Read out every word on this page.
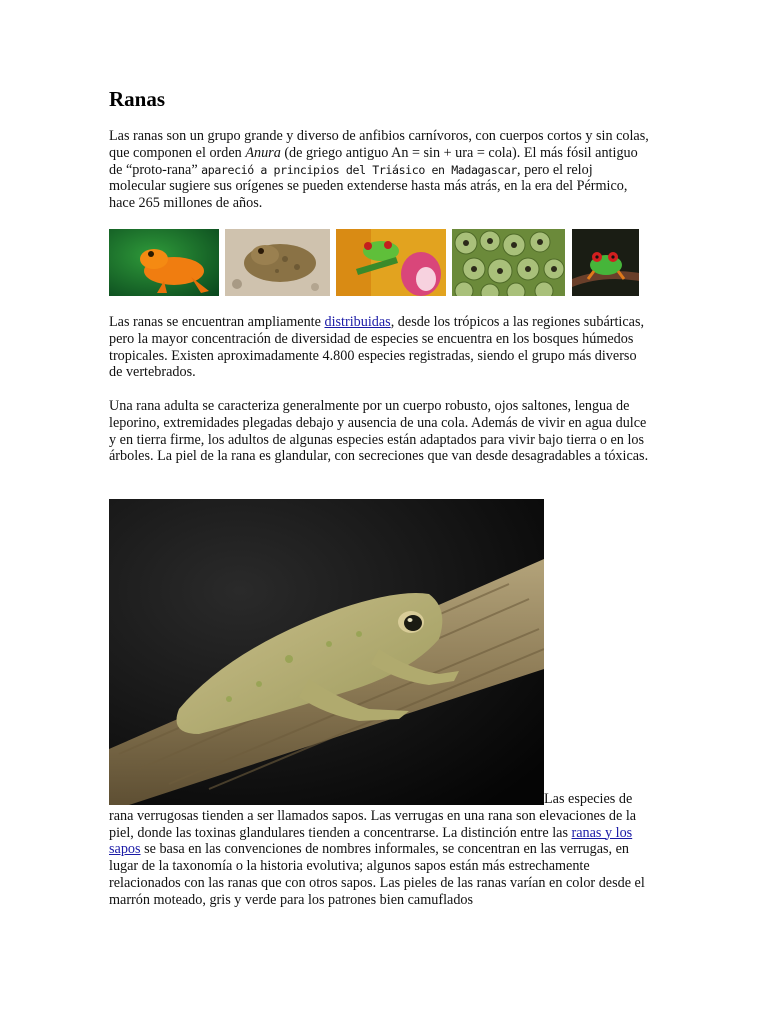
Ranas

Las ranas son un grupo grande y diverso de anfibios carnívoros, con cuerpos cortos y sin colas, que componen el orden Anura (de griego antiguo An = sin + ura = cola). El más fósil antiguo de “proto-rana” apareció a principios del Triásico en Madagascar, pero el reloj molecular sugiere sus orígenes se pueden extenderse hasta más atrás, en la era del Pérmico, hace 265 millones de años.

Las ranas se encuentran ampliamente distribuidas, desde los trópicos a las regiones subárticas, pero la mayor concentración de diversidad de especies se encuentra en los bosques húmedos tropicales. Existen aproximadamente 4.800 especies registradas, siendo el grupo más diverso de vertebrados.

Una rana adulta se caracteriza generalmente por un cuerpo robusto, ojos saltones, lengua de leporino, extremidades plegadas debajo y ausencia de una cola. Además de vivir en agua dulce y en tierra firme, los adultos de algunas especies están adaptados para vivir bajo tierra o en los árboles. La piel de la rana es glandular, con secreciones que van desde desagradables a tóxicas.

Las especies de
rana verrugosas tienden a ser llamados sapos. Las verrugas en una rana son elevaciones de la piel, donde las toxinas glandulares tienden a concentrarse. La distinción entre las ranas y los sapos se basa en las convenciones de nombres informales, se concentran en las verrugas, en lugar de la taxonomía o la historia evolutiva; algunos sapos están más estrechamente relacionados con las ranas que con otros sapos. Las pieles de las ranas varían en color desde el marrón moteado, gris y verde para los patrones bien camuflados
